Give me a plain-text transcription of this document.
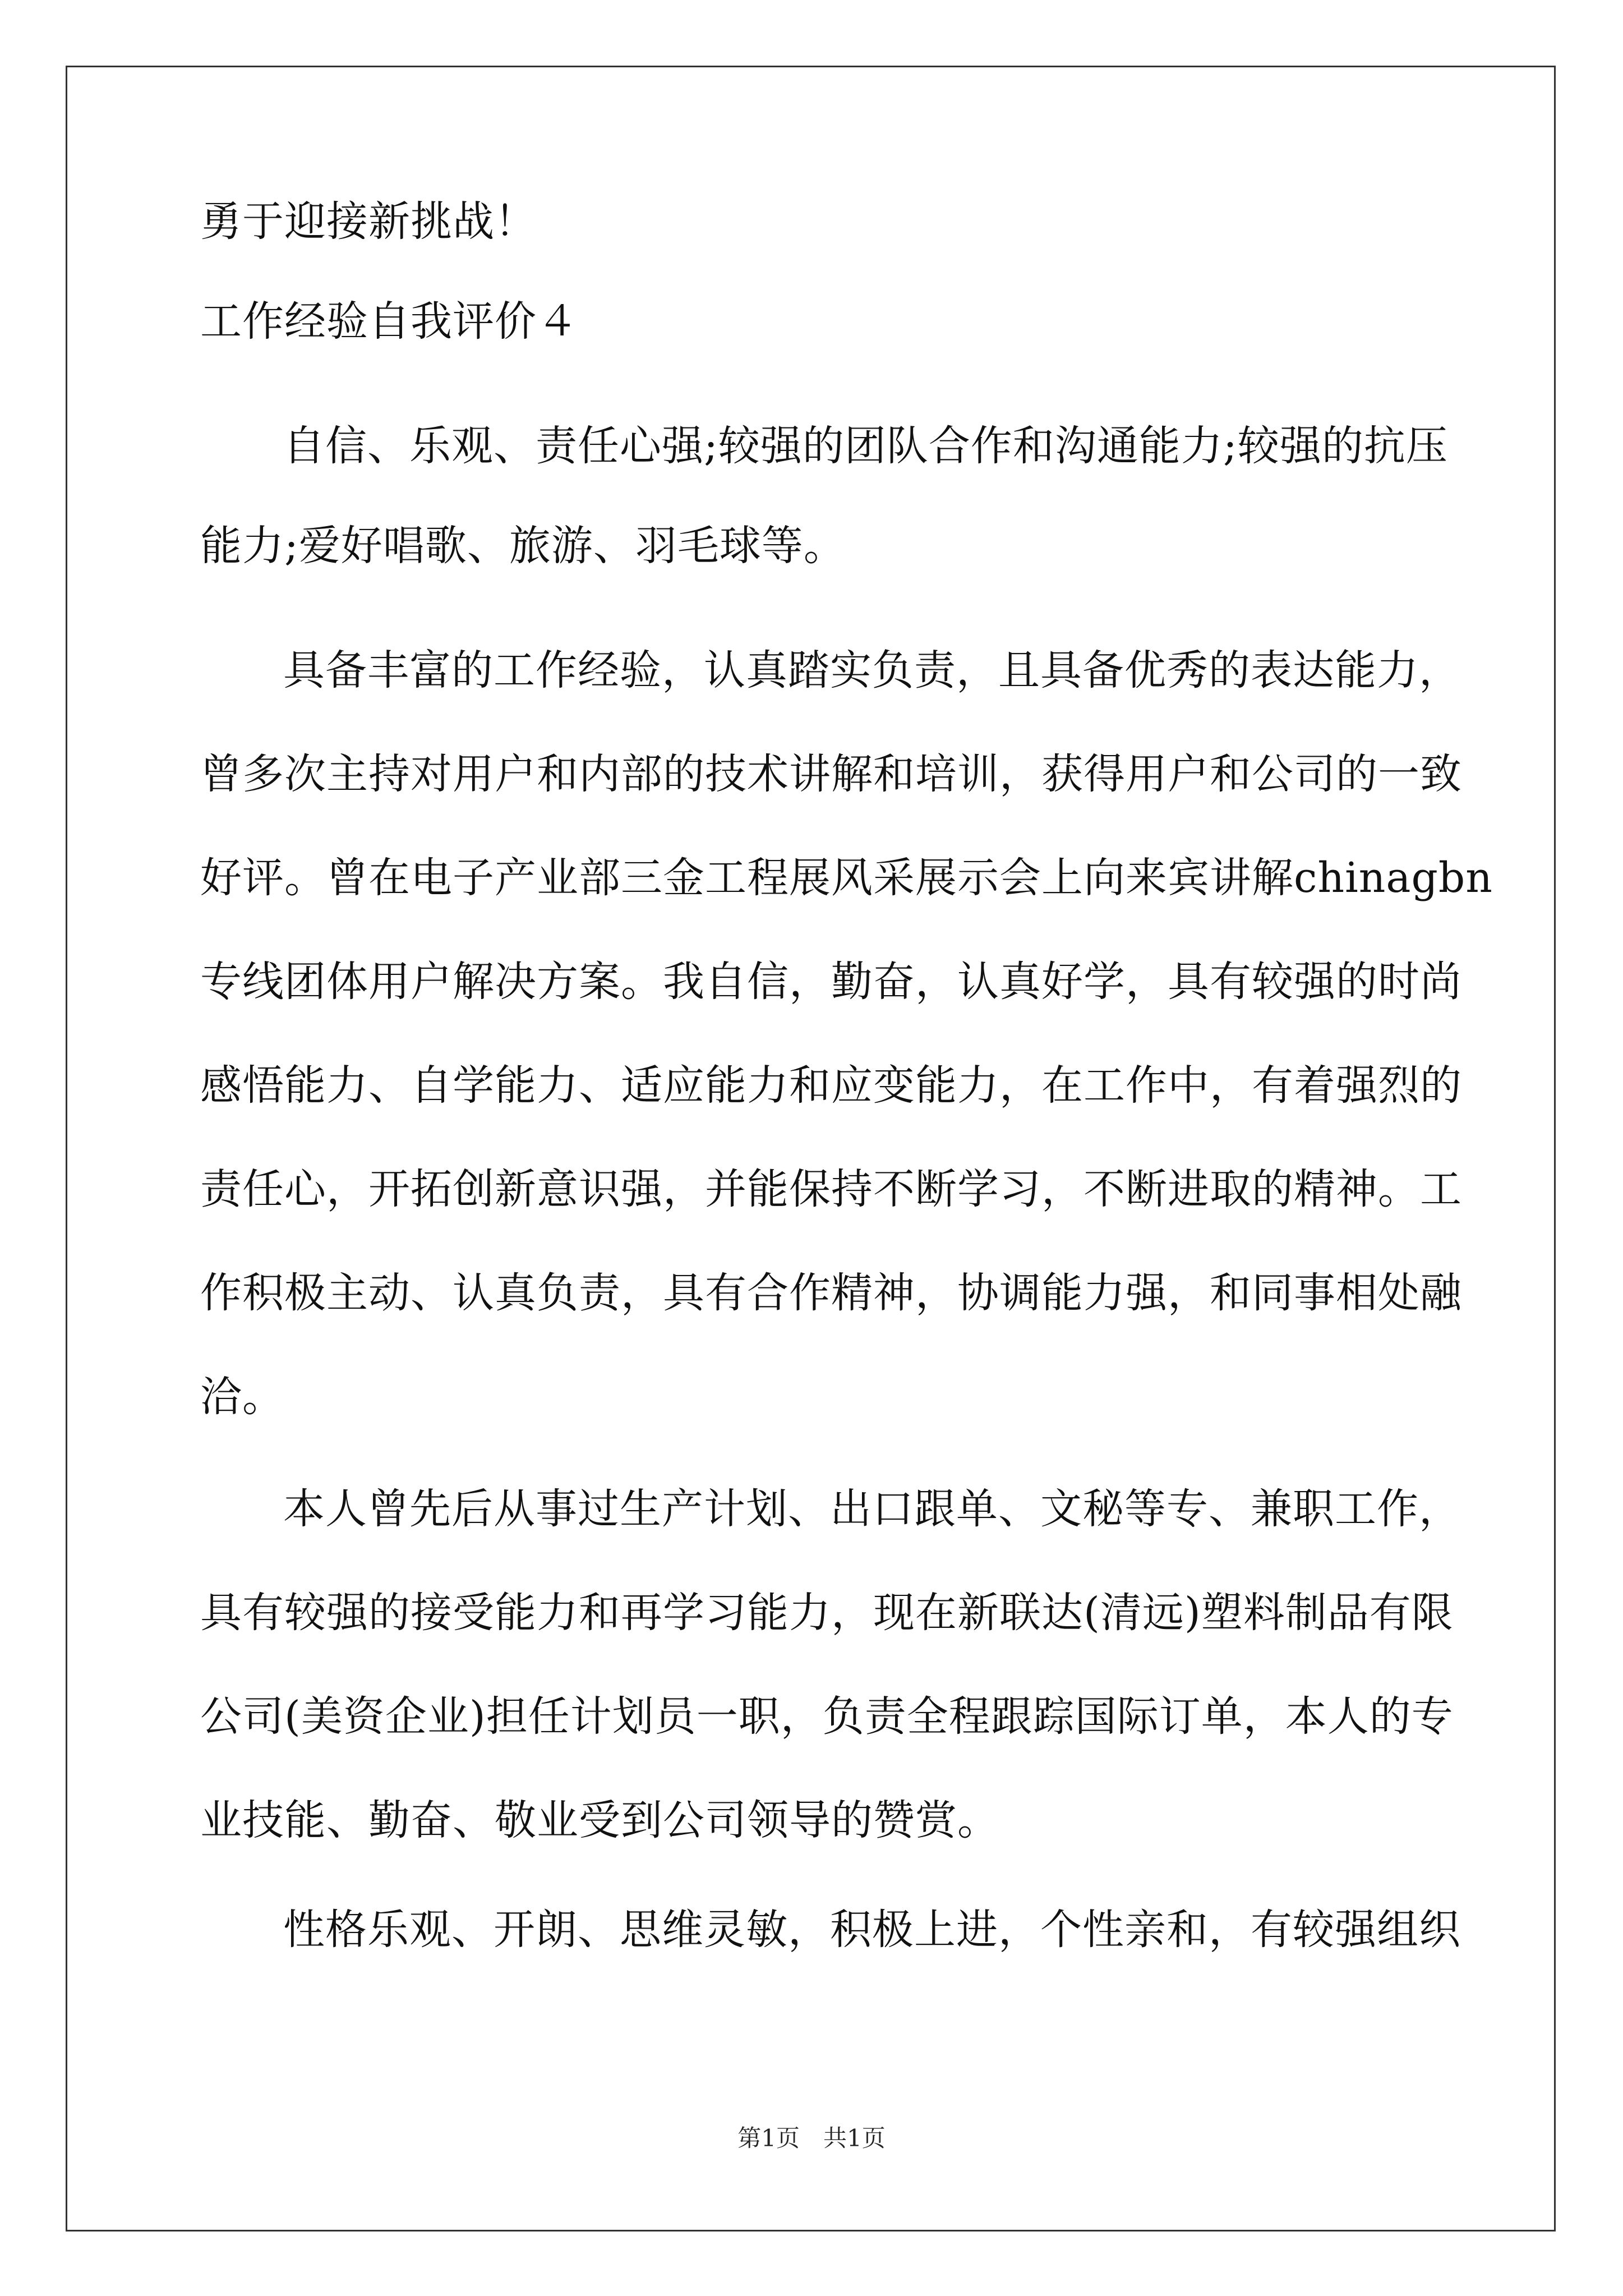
勇于迎接新挑战！
工作经验自我评价４
自信、乐观、责任心强;较强的团队合作和沟通能力;较强的抗压
能力;爱好唱歌、旅游、羽毛球等。
具备丰富的工作经验，认真踏实负责，且具备优秀的表达能力，
曾多次主持对用户和内部的技术讲解和培训，获得用户和公司的一致
好评。曾在电子产业部三金工程展风采展示会上向来宾讲解chinagbn
专线团体用户解决方案。我自信，勤奋，认真好学，具有较强的时尚
感悟能力、自学能力、适应能力和应变能力，在工作中，有着强烈的
责任心，开拓创新意识强，并能保持不断学习，不断进取的精神。工
作积极主动、认真负责，具有合作精神，协调能力强，和同事相处融
洽。
本人曾先后从事过生产计划、出口跟单、文秘等专、兼职工作，
具有较强的接受能力和再学习能力，现在新联达(清远)塑料制品有限
公司(美资企业)担任计划员一职，负责全程跟踪国际订单，本人的专
业技能、勤奋、敬业受到公司领导的赞赏。
性格乐观、开朗、思维灵敏，积极上进，个性亲和，有较强组织
第1页　共1页
